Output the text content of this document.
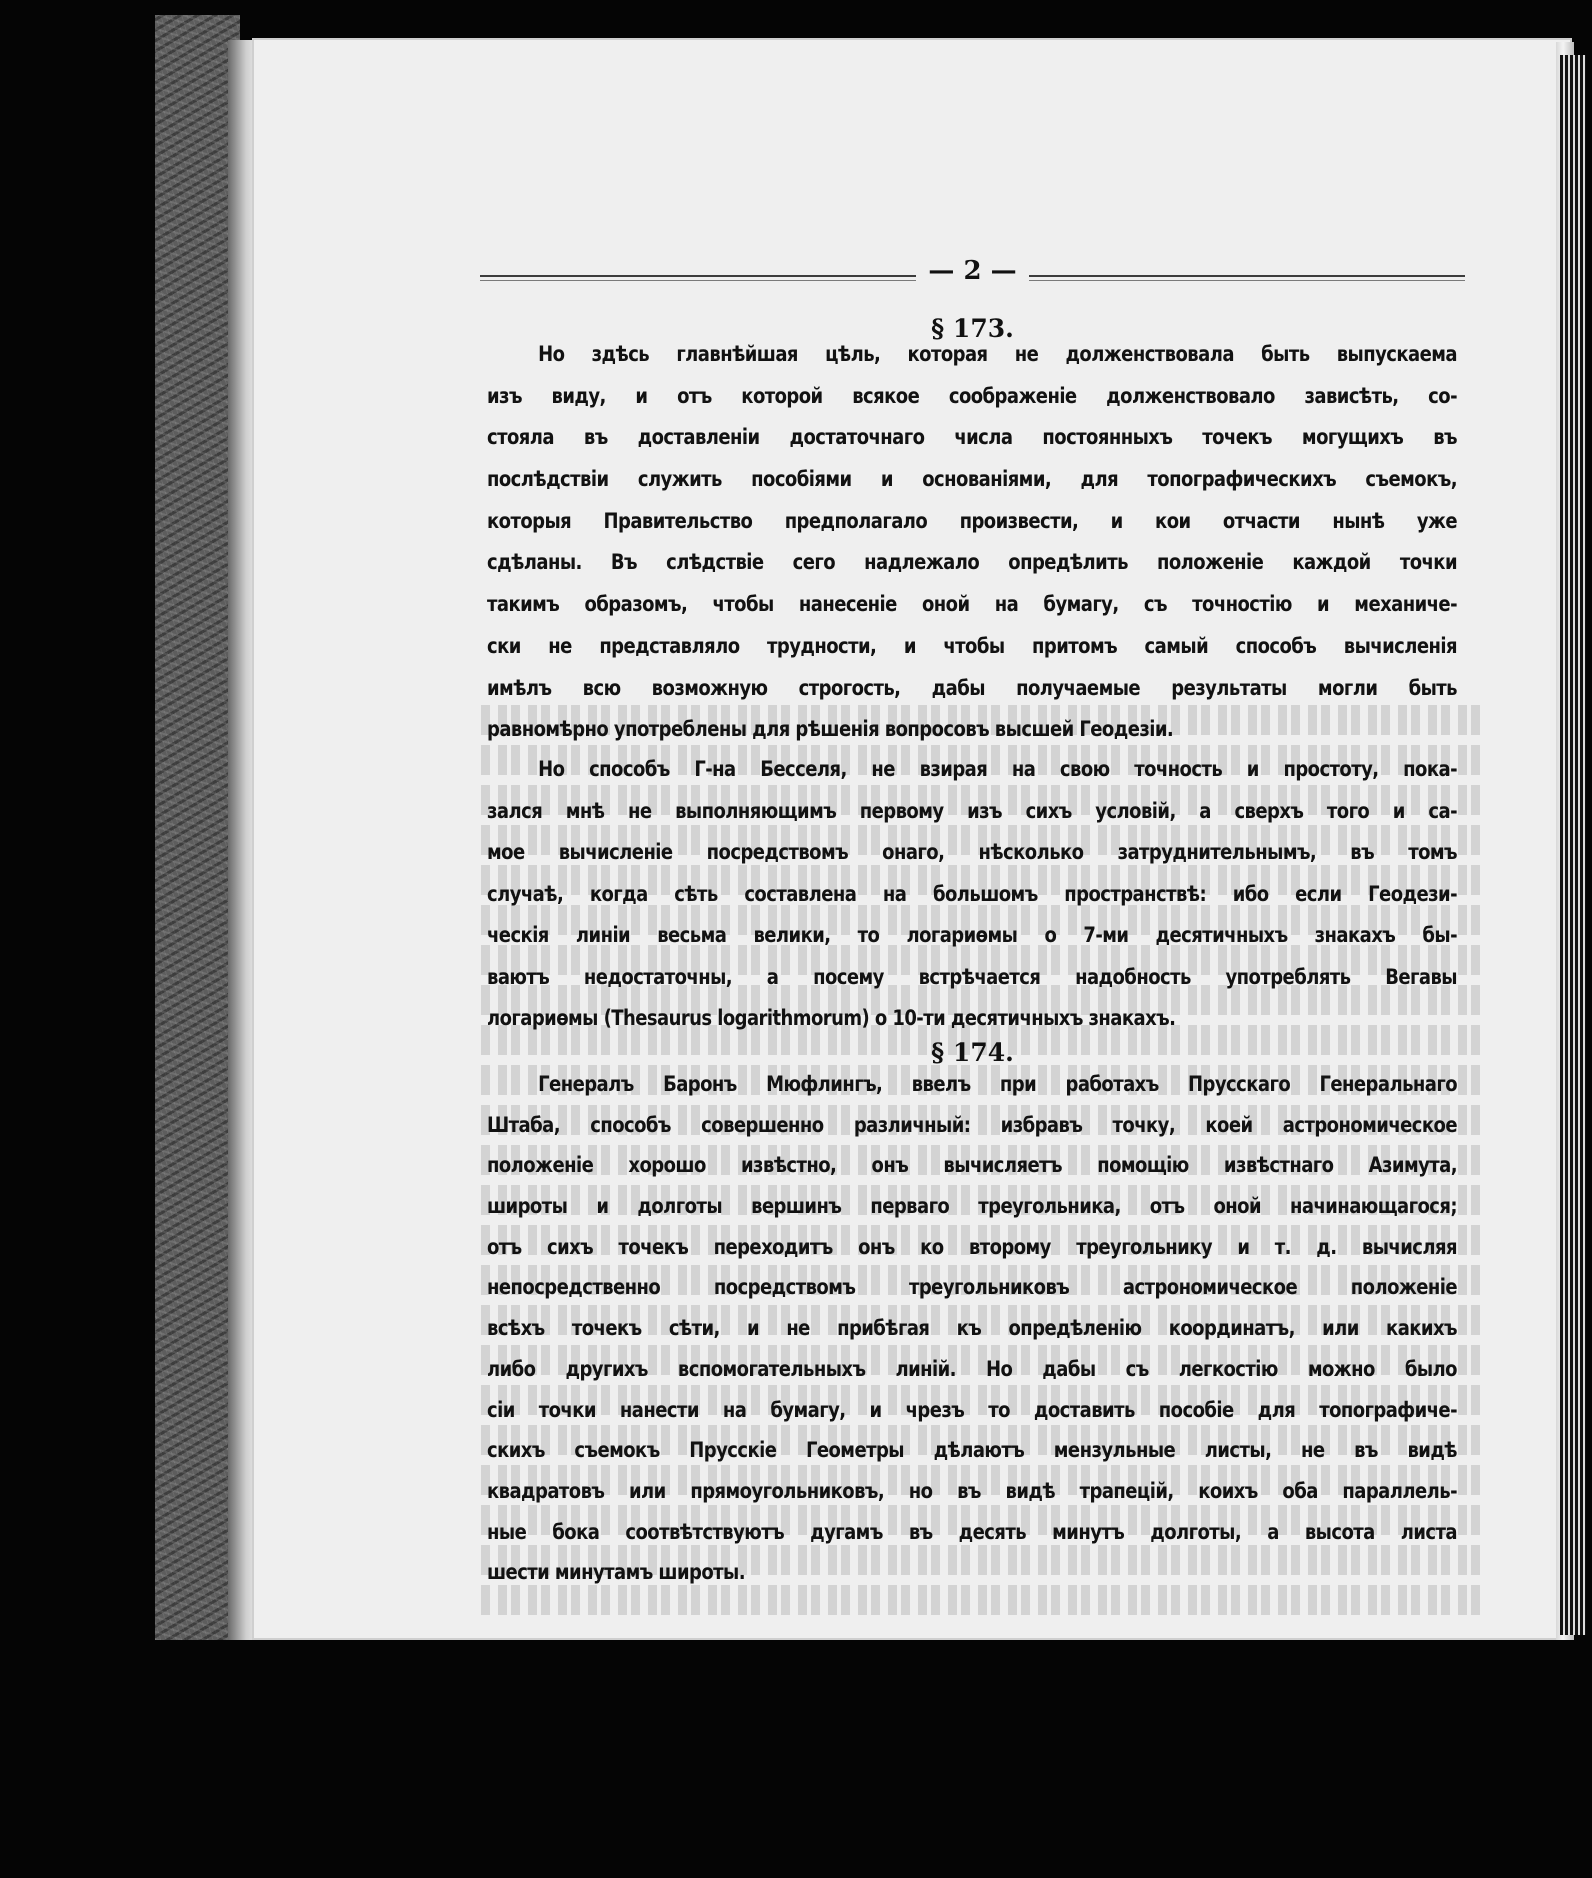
— 2 —
§ 173.
Но здѣсь главнѣйшая цѣль, которая не долженствовала быть выпускаема
изъ виду, и отъ которой всякое соображеніе долженствовало зависѣть, со-
стояла въ доставленіи достаточнаго числа постоянныхъ точекъ могущихъ въ
послѣдствіи служить пособіями и основаніями, для топографическихъ съемокъ,
которыя Правительство предполагало произвести, и кои отчасти нынѣ уже
сдѣланы. Въ слѣдствіе сего надлежало опредѣлить положеніе каждой точки
такимъ образомъ, чтобы нанесеніе оной на бумагу, съ точностію и механиче-
ски не представляло трудности, и чтобы притомъ самый способъ вычисленія
имѣлъ всю возможную строгость, дабы получаемые результаты могли быть
равномѣрно употреблены для рѣшенія вопросовъ высшей Геодезіи.
Но способъ Г-на Бесселя, не взирая на свою точность и простоту, пока-
зался мнѣ не выполняющимъ первому изъ сихъ условій, а сверхъ того и са-
мое вычисленіе посредствомъ онаго, нѣсколько затруднительнымъ, въ томъ
случаѣ, когда сѣть составлена на большомъ пространствѣ: ибо если Геодези-
ческія линіи весьма велики, то логариѳмы о 7-ми десятичныхъ знакахъ бы-
ваютъ недостаточны, а посему встрѣчается надобность употреблять Вегавы
логариѳмы (Thesaurus logarithmorum) о 10-ти десятичныхъ знакахъ.
§ 174.
Генералъ Баронъ Мюфлингъ, ввелъ при работахъ Прусскаго Генеральнаго
Штаба, способъ совершенно различный: избравъ точку, коей астрономическое
положеніе хорошо извѣстно, онъ вычисляетъ помощію извѣстнаго Азимута,
широты и долготы вершинъ перваго треугольника, отъ оной начинающагося;
отъ сихъ точекъ переходитъ онъ ко второму треугольнику и т. д. вычисляя
непосредственно посредствомъ треугольниковъ астрономическое положеніе
всѣхъ точекъ сѣти, и не прибѣгая къ опредѣленію координатъ, или какихъ
либо другихъ вспомогательныхъ линій. Но дабы съ легкостію можно было
сіи точки нанести на бумагу, и чрезъ то доставить пособіе для топографиче-
скихъ съемокъ Прусскіе Геометры дѣлаютъ мензульные листы, не въ видѣ
квадратовъ или прямоугольниковъ, но въ видѣ трапецій, коихъ оба параллель-
ные бока соотвѣтствуютъ дугамъ въ десять минутъ долготы, а высота листа
шести минутамъ широты.
